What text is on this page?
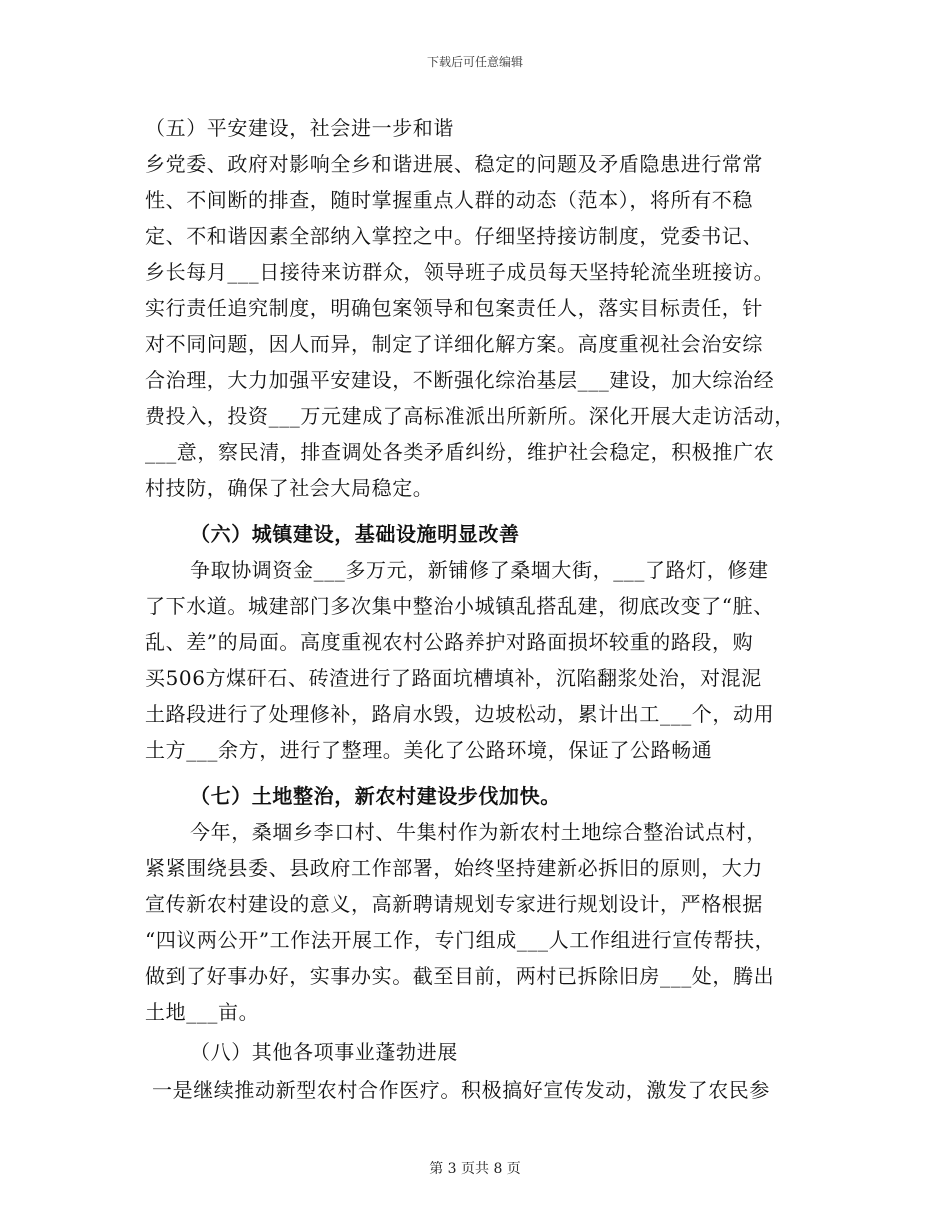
下载后可任意编辑
（五）平安建设，社会进一步和谐
乡党委、政府对影响全乡和谐进展、稳定的问题及矛盾隐患进行常常
性、不间断的排查，随时掌握重点人群的动态（范本），将所有不稳
定、不和谐因素全部纳入掌控之中。仔细坚持接访制度，党委书记、
乡长每月___日接待来访群众，领导班子成员每天坚持轮流坐班接访。
实行责任追究制度，明确包案领导和包案责任人，落实目标责任，针
对不同问题，因人而异，制定了详细化解方案。高度重视社会治安综
合治理，大力加强平安建设，不断强化综治基层___建设，加大综治经
费投入，投资___万元建成了高标准派出所新所。深化开展大走访活动，
___意，察民清，排查调处各类矛盾纠纷，维护社会稳定，积极推广农
村技防，确保了社会大局稳定。
（六）城镇建设，基础设施明显改善
争取协调资金___多万元，新铺修了桑堌大街，___了路灯，修建
了下水道。城建部门多次集中整治小城镇乱搭乱建，彻底改变了“脏、
乱、差”的局面。高度重视农村公路养护对路面损坏较重的路段，购
买506方煤矸石、砖渣进行了路面坑槽填补，沉陷翻浆处治，对混泥
土路段进行了处理修补，路肩水毁，边坡松动，累计出工___个，动用
土方___余方，进行了整理。美化了公路环境，保证了公路畅通
（七）土地整治，新农村建设步伐加快。
今年，桑堌乡李口村、牛集村作为新农村土地综合整治试点村，
紧紧围绕县委、县政府工作部署，始终坚持建新必拆旧的原则，大力
宣传新农村建设的意义，高新聘请规划专家进行规划设计，严格根据
“四议两公开”工作法开展工作，专门组成___人工作组进行宣传帮扶，
做到了好事办好，实事办实。截至目前，两村已拆除旧房___处，腾出
土地___亩。
（八）其他各项事业蓬勃进展
一是继续推动新型农村合作医疗。积极搞好宣传发动，激发了农民参
第 3 页共 8 页
